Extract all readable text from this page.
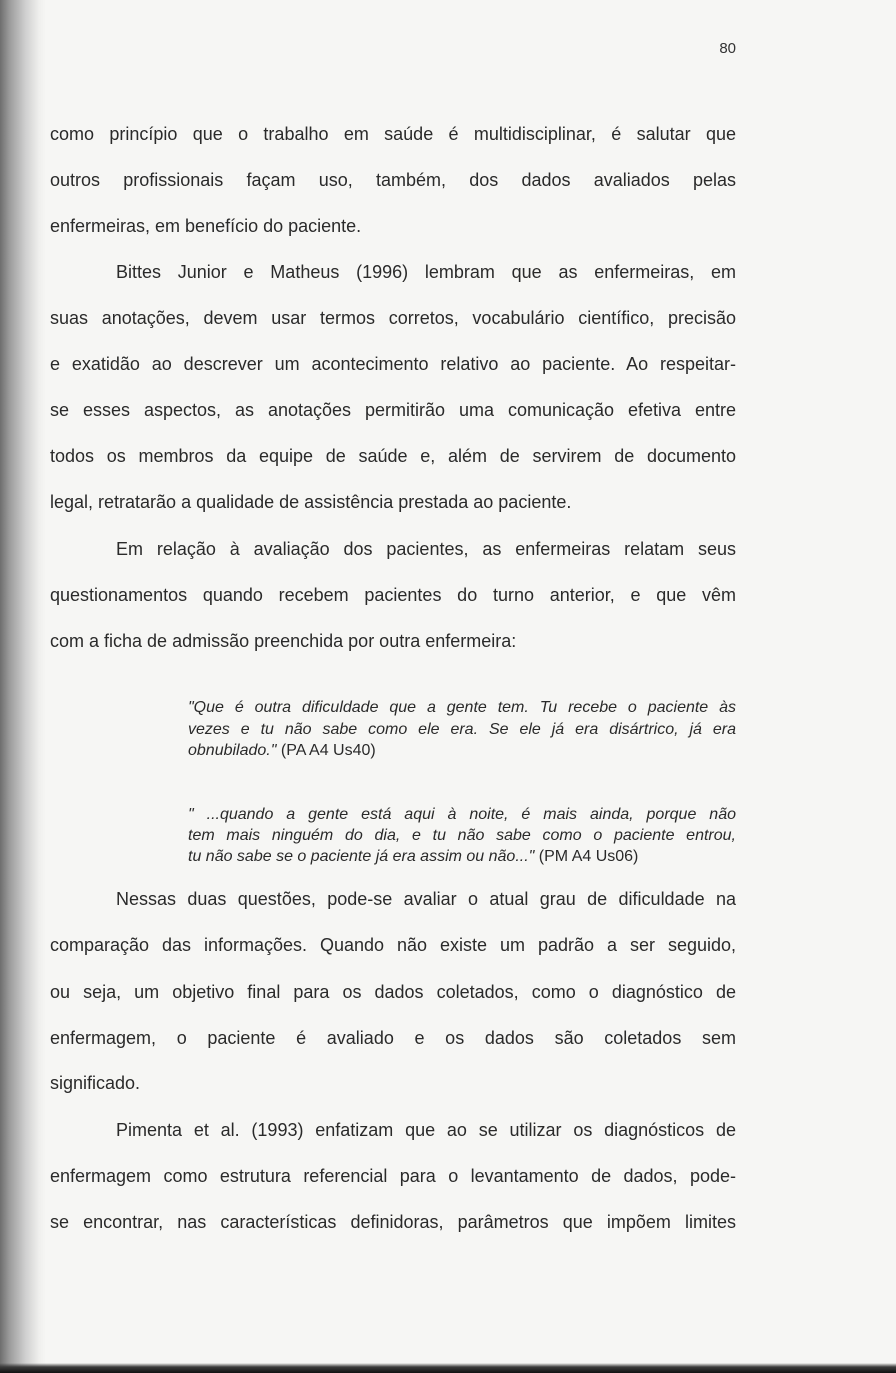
80
como princípio que o trabalho em saúde é multidisciplinar, é salutar que
outros profissionais façam uso, também, dos dados avaliados pelas
enfermeiras, em benefício do paciente.
Bittes Junior e Matheus (1996) lembram que as enfermeiras, em
suas anotações, devem usar termos corretos, vocabulário científico, precisão
e exatidão ao descrever um acontecimento relativo ao paciente. Ao respeitar-
se esses aspectos, as anotações permitirão uma comunicação efetiva entre
todos os membros da equipe de saúde e, além de servirem de documento
legal, retratarão a qualidade de assistência prestada ao paciente.
Em relação à avaliação dos pacientes, as enfermeiras relatam seus
questionamentos quando recebem pacientes do turno anterior, e que vêm
com a ficha de admissão preenchida por outra enfermeira:
"Que é outra dificuldade que a gente tem. Tu recebe o paciente às
vezes e tu não sabe como ele era. Se ele já era disártrico, já era
obnubilado." (PA A4 Us40)
" ...quando a gente está aqui à noite, é mais ainda, porque não
tem mais ninguém do dia, e tu não sabe como o paciente entrou,
tu não sabe se o paciente já era assim ou não..." (PM A4 Us06)
Nessas duas questões, pode-se avaliar o atual grau de dificuldade na
comparação das informações. Quando não existe um padrão a ser seguido,
ou seja, um objetivo final para os dados coletados, como o diagnóstico de
enfermagem, o paciente é avaliado e os dados são coletados sem
significado.
Pimenta et al. (1993) enfatizam que ao se utilizar os diagnósticos de
enfermagem como estrutura referencial para o levantamento de dados, pode-
se encontrar, nas características definidoras, parâmetros que impõem limites
